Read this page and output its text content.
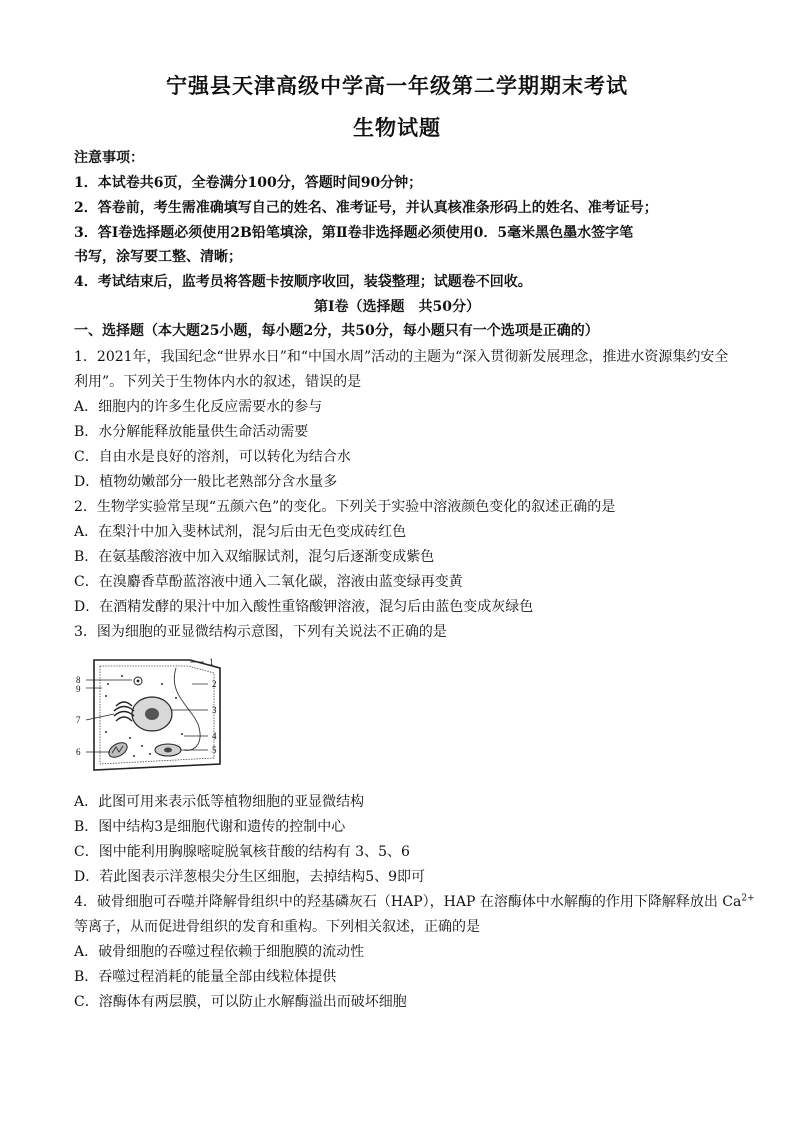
宁强县天津高级中学高一年级第二学期期末考试
生物试题
注意事项：
1．本试卷共6页，全卷满分100分，答题时间90分钟；
2．答卷前，考生需准确填写自己的姓名、准考证号，并认真核准条形码上的姓名、准考证号；
3．答Ⅰ卷选择题必须使用2B铅笔填涂，第Ⅱ卷非选择题必须使用0．5毫米黑色墨水签字笔
书写，涂写要工整、清晰；
4．考试结束后，监考员将答题卡按顺序收回，装袋整理；试题卷不回收。
第Ⅰ卷（选择题　共50分）
一、选择题（本大题25小题，每小题2分，共50分，每小题只有一个选项是正确的）
1．2021年，我国纪念“世界水日”和“中国水周”活动的主题为“深入贯彻新发展理念，推进水资源集约安全
利用”。下列关于生物体内水的叙述，错误的是
A．细胞内的许多生化反应需要水的参与
B．水分解能释放能量供生命活动需要
C．自由水是良好的溶剂，可以转化为结合水
D．植物幼嫩部分一般比老熟部分含水量多
2．生物学实验常呈现“五颜六色”的变化。下列关于实验中溶液颜色变化的叙述正确的是
A．在梨汁中加入斐林试剂，混匀后由无色变成砖红色
B．在氨基酸溶液中加入双缩脲试剂，混匀后逐渐变成紫色
C．在溴麝香草酚蓝溶液中通入二氧化碳，溶液由蓝变绿再变黄
D．在酒精发酵的果汁中加入酸性重铬酸钾溶液，混匀后由蓝色变成灰绿色
3．图为细胞的亚显微结构示意图，下列有关说法不正确的是
1
2
3
4
5
6
7
8
9
A．此图可用来表示低等植物细胞的亚显微结构
B．图中结构3是细胞代谢和遗传的控制中心
C．图中能利用胸腺嘧啶脱氧核苷酸的结构有 3、5、6
D．若此图表示洋葱根尖分生区细胞，去掉结构5、9即可
4．破骨细胞可吞噬并降解骨组织中的羟基磷灰石（HAP），HAP 在溶酶体中水解酶的作用下降解释放出 $Ca^{2+}$
等离子，从而促进骨组织的发育和重构。下列相关叙述，正确的是
A．破骨细胞的吞噬过程依赖于细胞膜的流动性
B．吞噬过程消耗的能量全部由线粒体提供
C．溶酶体有两层膜，可以防止水解酶溢出而破坏细胞
